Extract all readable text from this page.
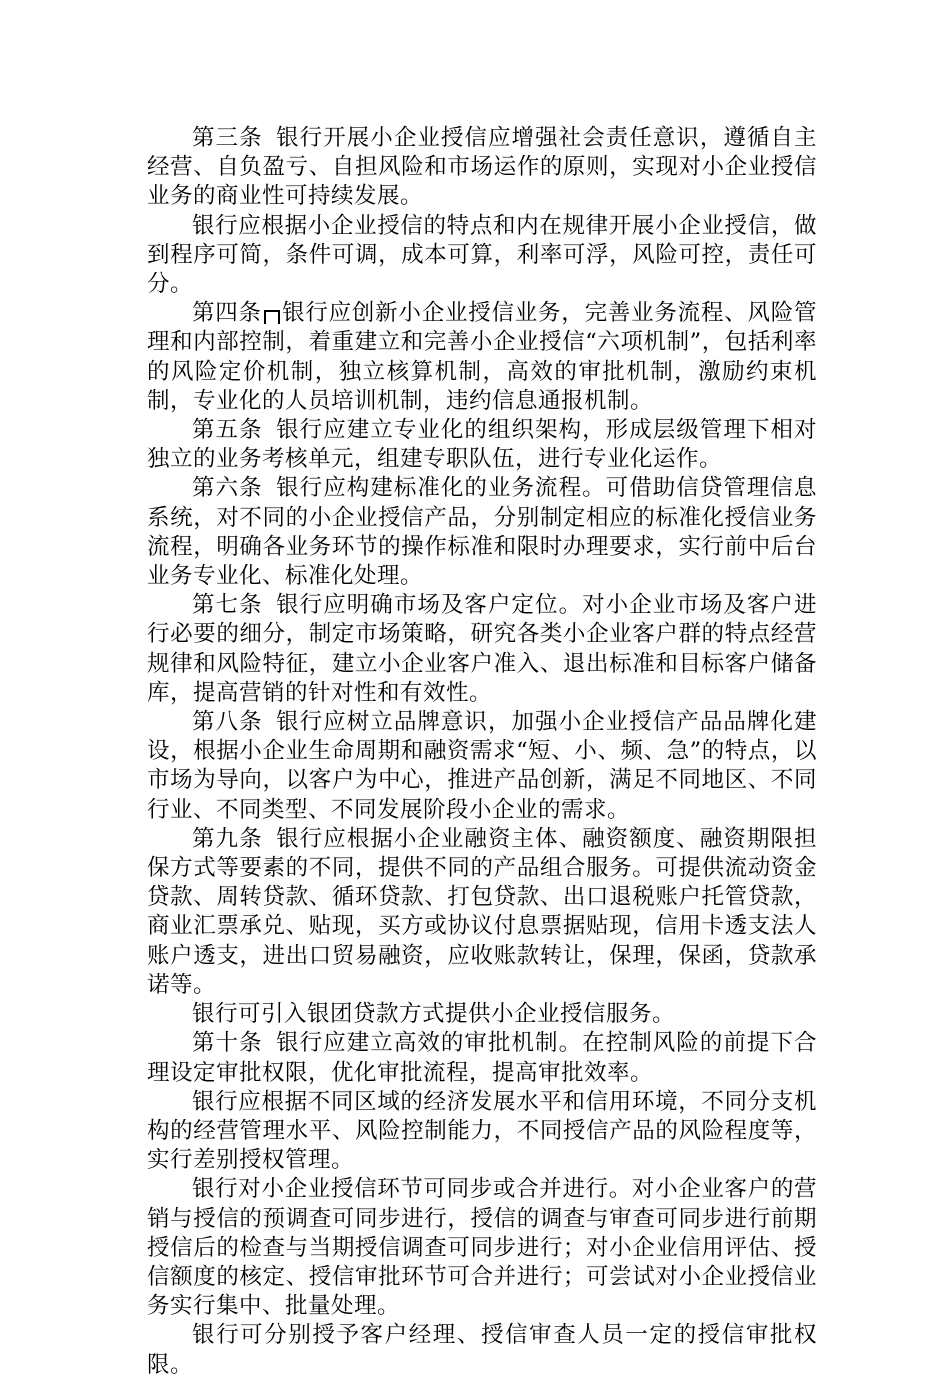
第三条 银行开展小企业授信应增强社会责任意识，遵循自主经营、自负盈亏、自担风险和市场运作的原则，实现对小企业授信业务的商业性可持续发展。

银行应根据小企业授信的特点和内在规律开展小企业授信，做到程序可简，条件可调，成本可算，利率可浮，风险可控，责任可分。

第四条 银行应创新小企业授信业务，完善业务流程、风险管理和内部控制，着重建立和完善小企业授信“六项机制”，包括利率的风险定价机制，独立核算机制，高效的审批机制，激励约束机制，专业化的人员培训机制，违约信息通报机制。

第五条 银行应建立专业化的组织架构，形成层级管理下相对独立的业务考核单元，组建专职队伍，进行专业化运作。

第六条 银行应构建标准化的业务流程。可借助信贷管理信息系统，对不同的小企业授信产品，分别制定相应的标准化授信业务流程，明确各业务环节的操作标准和限时办理要求，实行前中后台业务专业化、标准化处理。

第七条 银行应明确市场及客户定位。对小企业市场及客户进行必要的细分，制定市场策略，研究各类小企业客户群的特点经营规律和风险特征，建立小企业客户准入、退出标准和目标客户储备库，提高营销的针对性和有效性。

第八条 银行应树立品牌意识，加强小企业授信产品品牌化建设，根据小企业生命周期和融资需求“短、小、频、急”的特点，以市场为导向，以客户为中心，推进产品创新，满足不同地区、不同行业、不同类型、不同发展阶段小企业的需求。

第九条 银行应根据小企业融资主体、融资额度、融资期限担保方式等要素的不同，提供不同的产品组合服务。可提供流动资金贷款、周转贷款、循环贷款、打包贷款、出口退税账户托管贷款，商业汇票承兑、贴现，买方或协议付息票据贴现，信用卡透支法人账户透支，进出口贸易融资，应收账款转让，保理，保函，贷款承诺等。

银行可引入银团贷款方式提供小企业授信服务。

第十条 银行应建立高效的审批机制。在控制风险的前提下合理设定审批权限，优化审批流程，提高审批效率。

银行应根据不同区域的经济发展水平和信用环境，不同分支机构的经营管理水平、风险控制能力，不同授信产品的风险程度等，实行差别授权管理。

银行对小企业授信环节可同步或合并进行。对小企业客户的营销与授信的预调查可同步进行，授信的调查与审查可同步进行前期授信后的检查与当期授信调查可同步进行；对小企业信用评估、授信额度的核定、授信审批环节可合并进行；可尝试对小企业授信业务实行集中、批量处理。

银行可分别授予客户经理、授信审查人员一定的授信审批权限。
